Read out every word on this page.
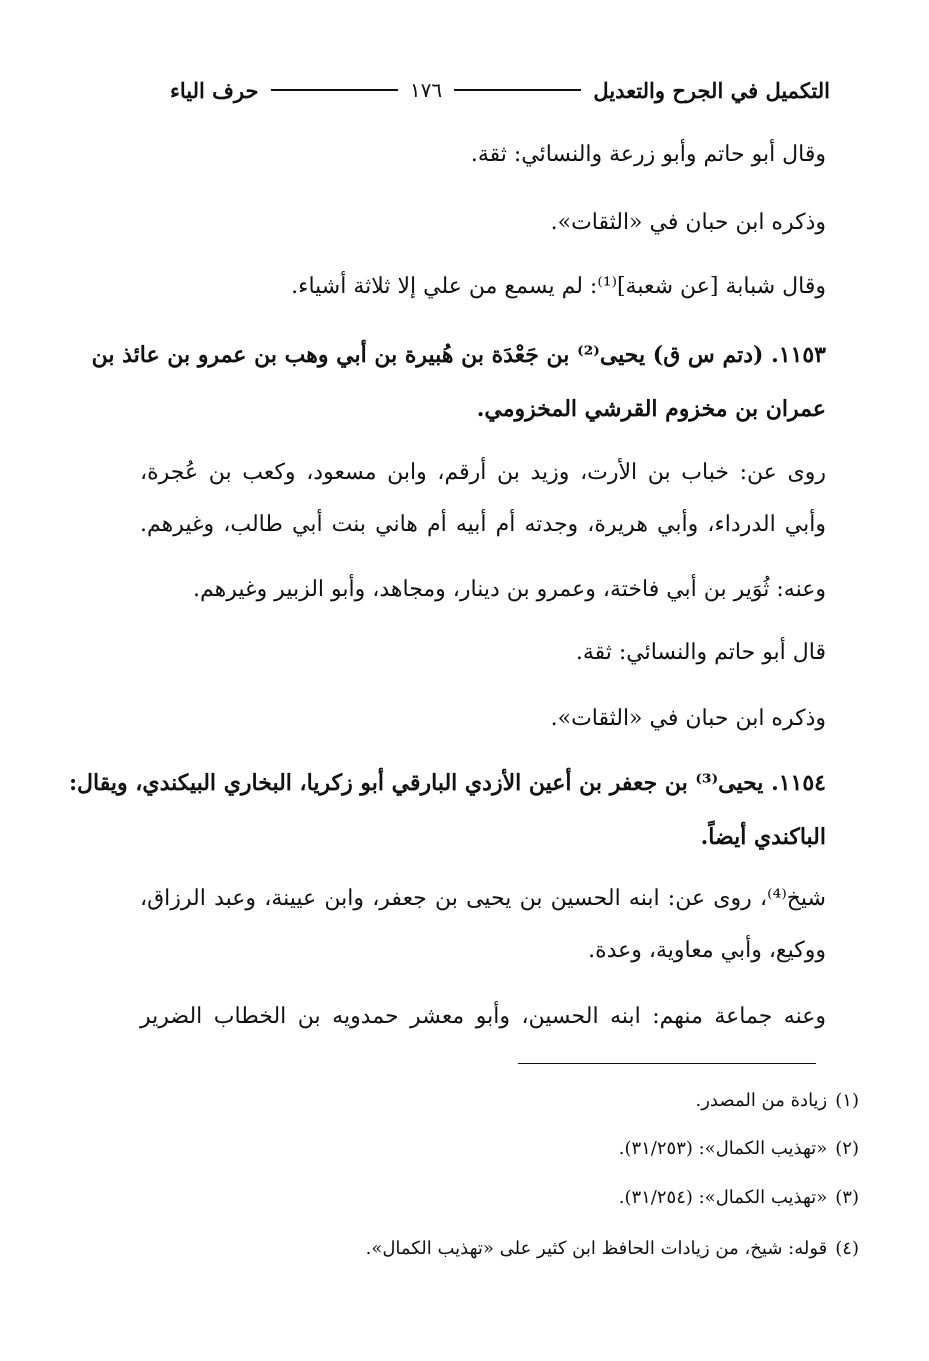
التكميل في الجرح والتعديل
١٧٦
حرف الياء
وقال أبو حاتم وأبو زرعة والنسائي: ثقة.
وذكره ابن حبان في «الثقات».
وقال شبابة [عن شعبة]⁽¹⁾: لم يسمع من علي إلا ثلاثة أشياء.
١١٥٣. (دتم س ق) يحيى⁽²⁾ بن جَعْدَة بن هُبيرة بن أبي وهب بن عمرو بن عائذ بن
عمران بن مخزوم القرشي المخزومي.
روى عن: خباب بن الأرت، وزيد بن أرقم، وابن مسعود، وكعب بن عُجرة،
وأبي الدرداء، وأبي هريرة، وجدته أم أبيه أم هاني بنت أبي طالب، وغيرهم.
وعنه: ثُوَير بن أبي فاختة، وعمرو بن دينار، ومجاهد، وأبو الزبير وغيرهم.
قال أبو حاتم والنسائي: ثقة.
وذكره ابن حبان في «الثقات».
١١٥٤. يحيى⁽³⁾ بن جعفر بن أعين الأزدي البارقي أبو زكريا، البخاري البيكندي، ويقال:
الباكندي أيضاً.
شيخ⁽⁴⁾، روى عن: ابنه الحسين بن يحيى بن جعفر، وابن عيينة، وعبد الرزاق،
ووكيع، وأبي معاوية، وعدة.
وعنه جماعة منهم: ابنه الحسين، وأبو معشر حمدويه بن الخطاب الضرير
(١)زيادة من المصدر.
(٢)«تهذيب الكمال»: (٣١/٢٥٣).
(٣)«تهذيب الكمال»: (٣١/٢٥٤).
(٤)قوله: شيخ، من زيادات الحافظ ابن كثير على «تهذيب الكمال».
